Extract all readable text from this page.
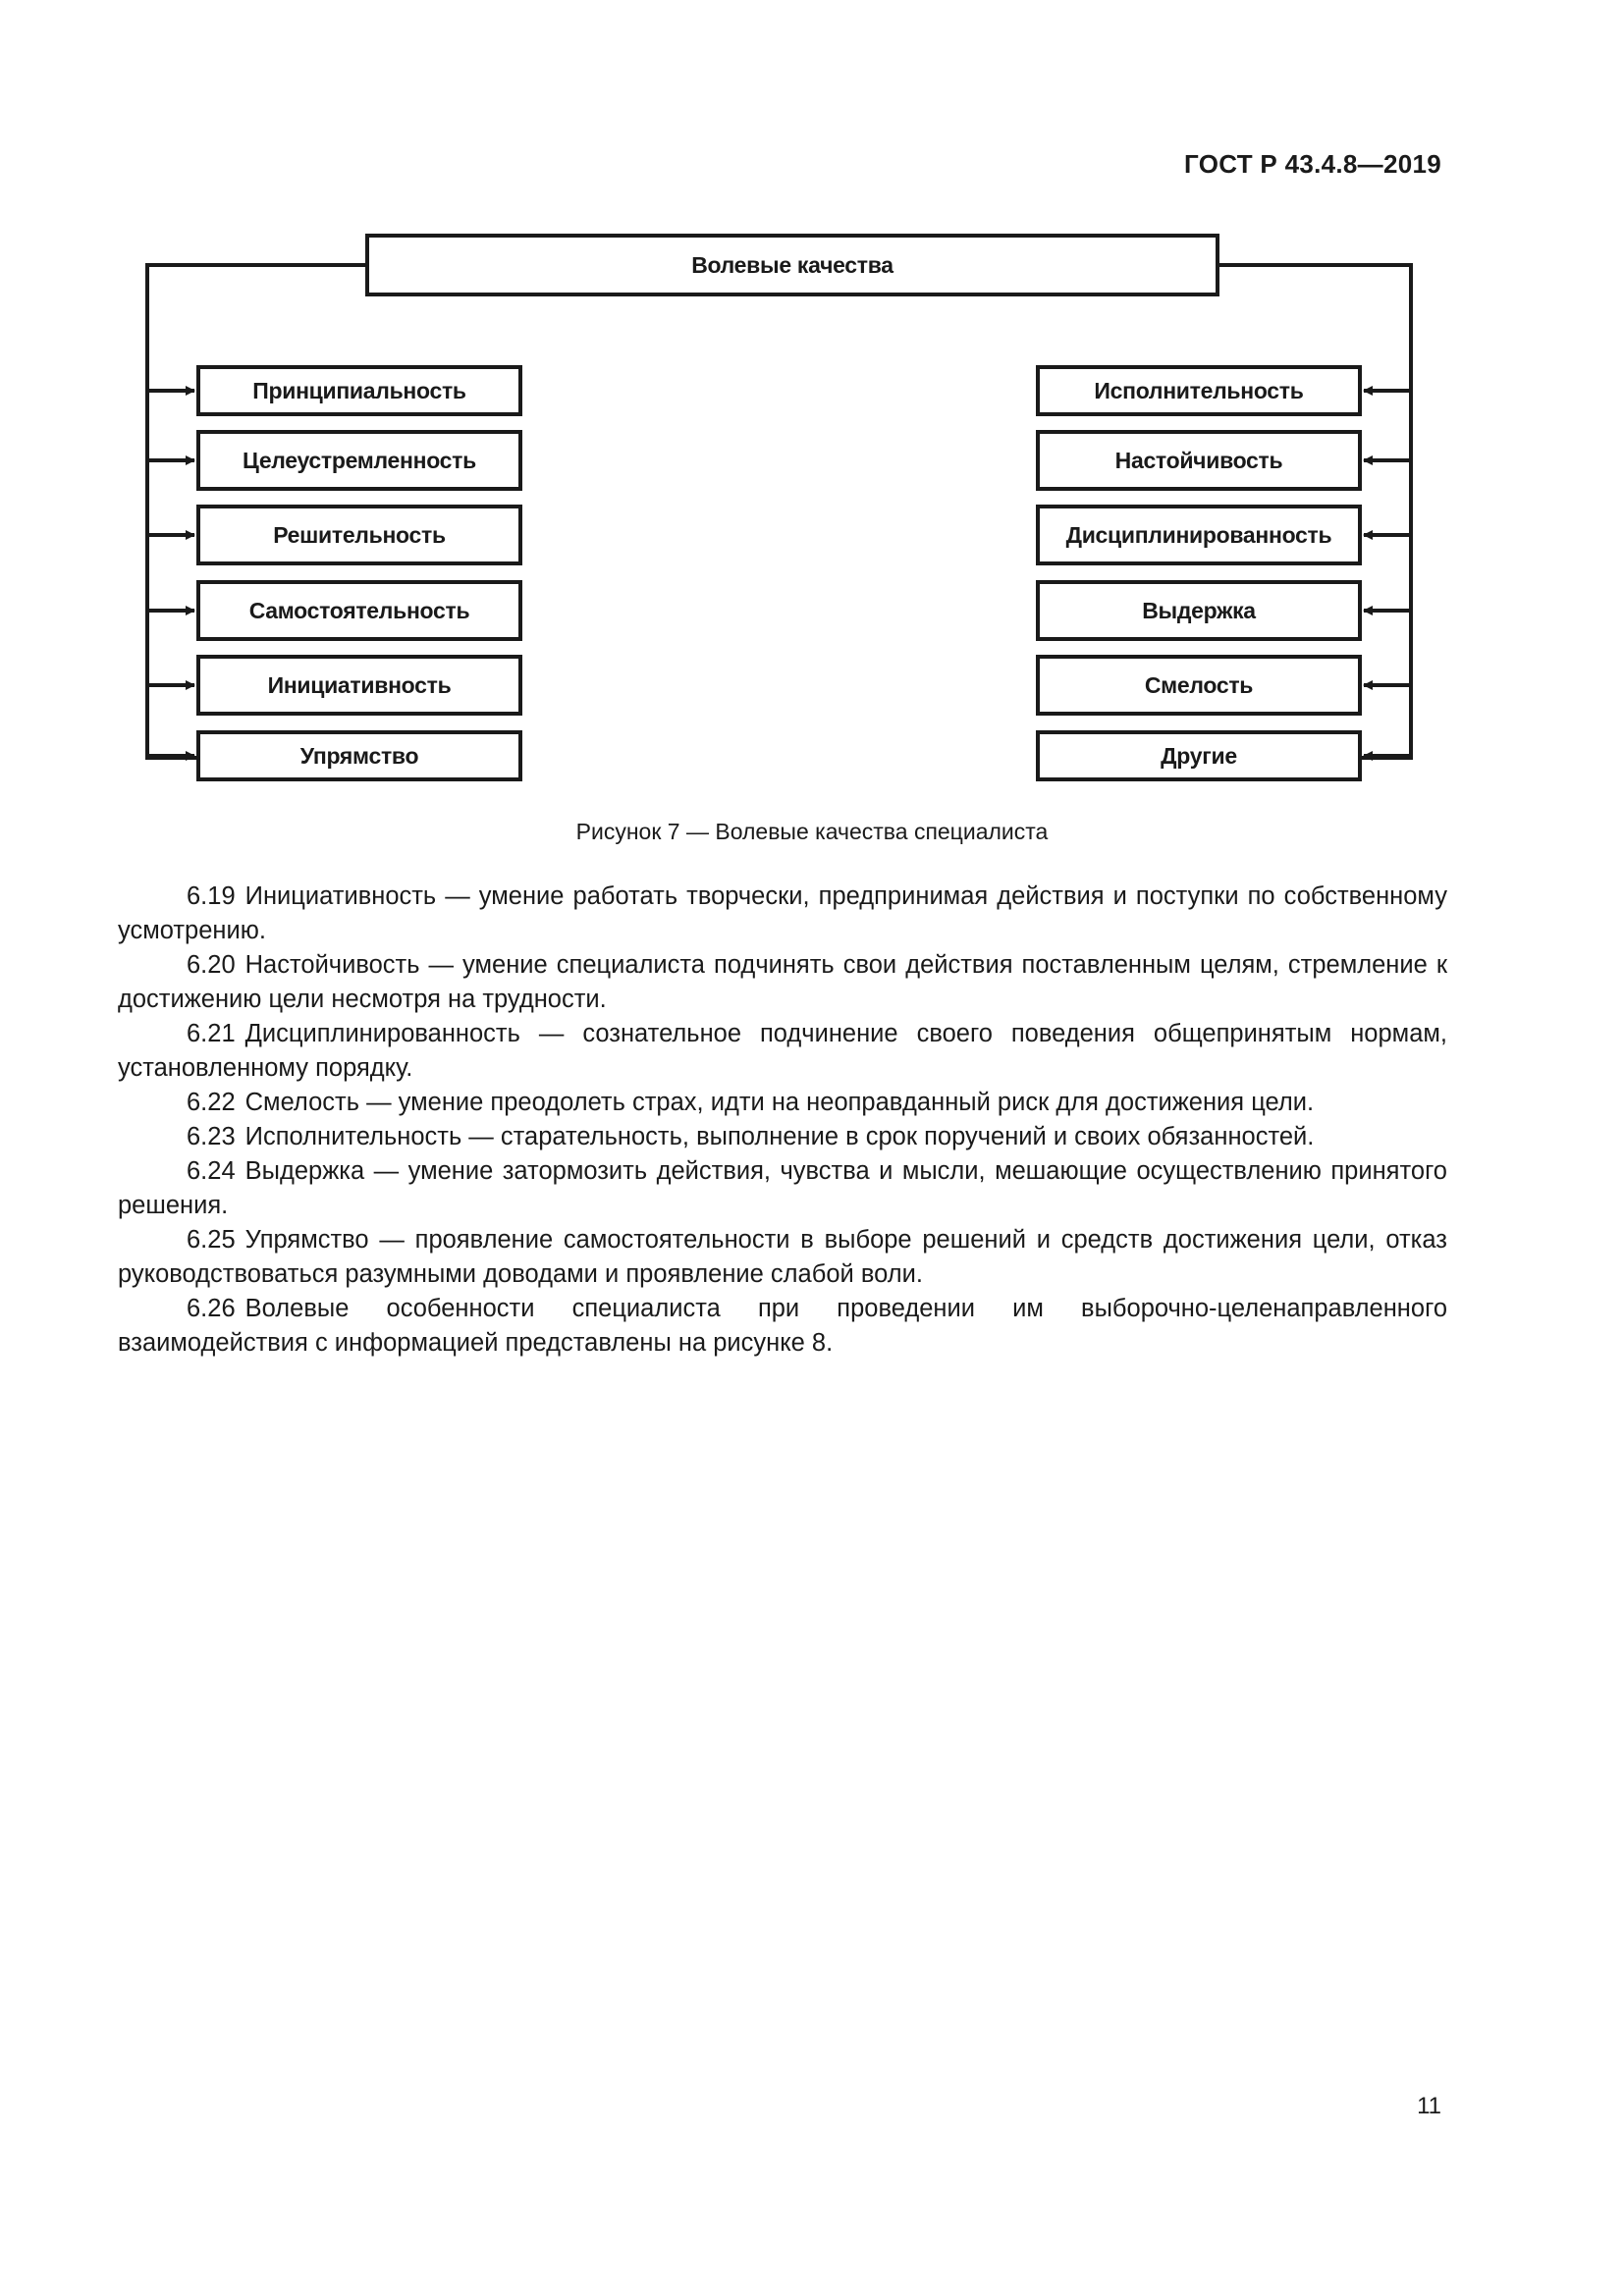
ГОСТ Р 43.4.8—2019
Волевые качества
Принципиальность
Целеустремленность
Решительность
Самостоятельность
Инициативность
Упрямство
Исполнительность
Настойчивость
Дисциплинированность
Выдержка
Смелость
Другие
Рисунок 7 — Волевые качества специалиста

6.19 Инициативность — умение работать творчески, предпринимая действия и поступки по собственному усмотрению.

6.20 Настойчивость — умение специалиста подчинять свои действия поставленным целям, стремление к достижению цели несмотря на трудности.

6.21 Дисциплинированность — сознательное подчинение своего поведения общепринятым нормам, установленному порядку.

6.22 Смелость — умение преодолеть страх, идти на неоправданный риск для достижения цели.

6.23 Исполнительность — старательность, выполнение в срок поручений и своих обязанностей.

6.24 Выдержка — умение затормозить действия, чувства и мысли, мешающие осуществлению принятого решения.

6.25 Упрямство — проявление самостоятельности в выборе решений и средств достижения цели, отказ руководствоваться разумными доводами и проявление слабой воли.

6.26 Волевые особенности специалиста при проведении им выборочно-целенаправленного взаимодействия с информацией представлены на рисунке 8.

11
